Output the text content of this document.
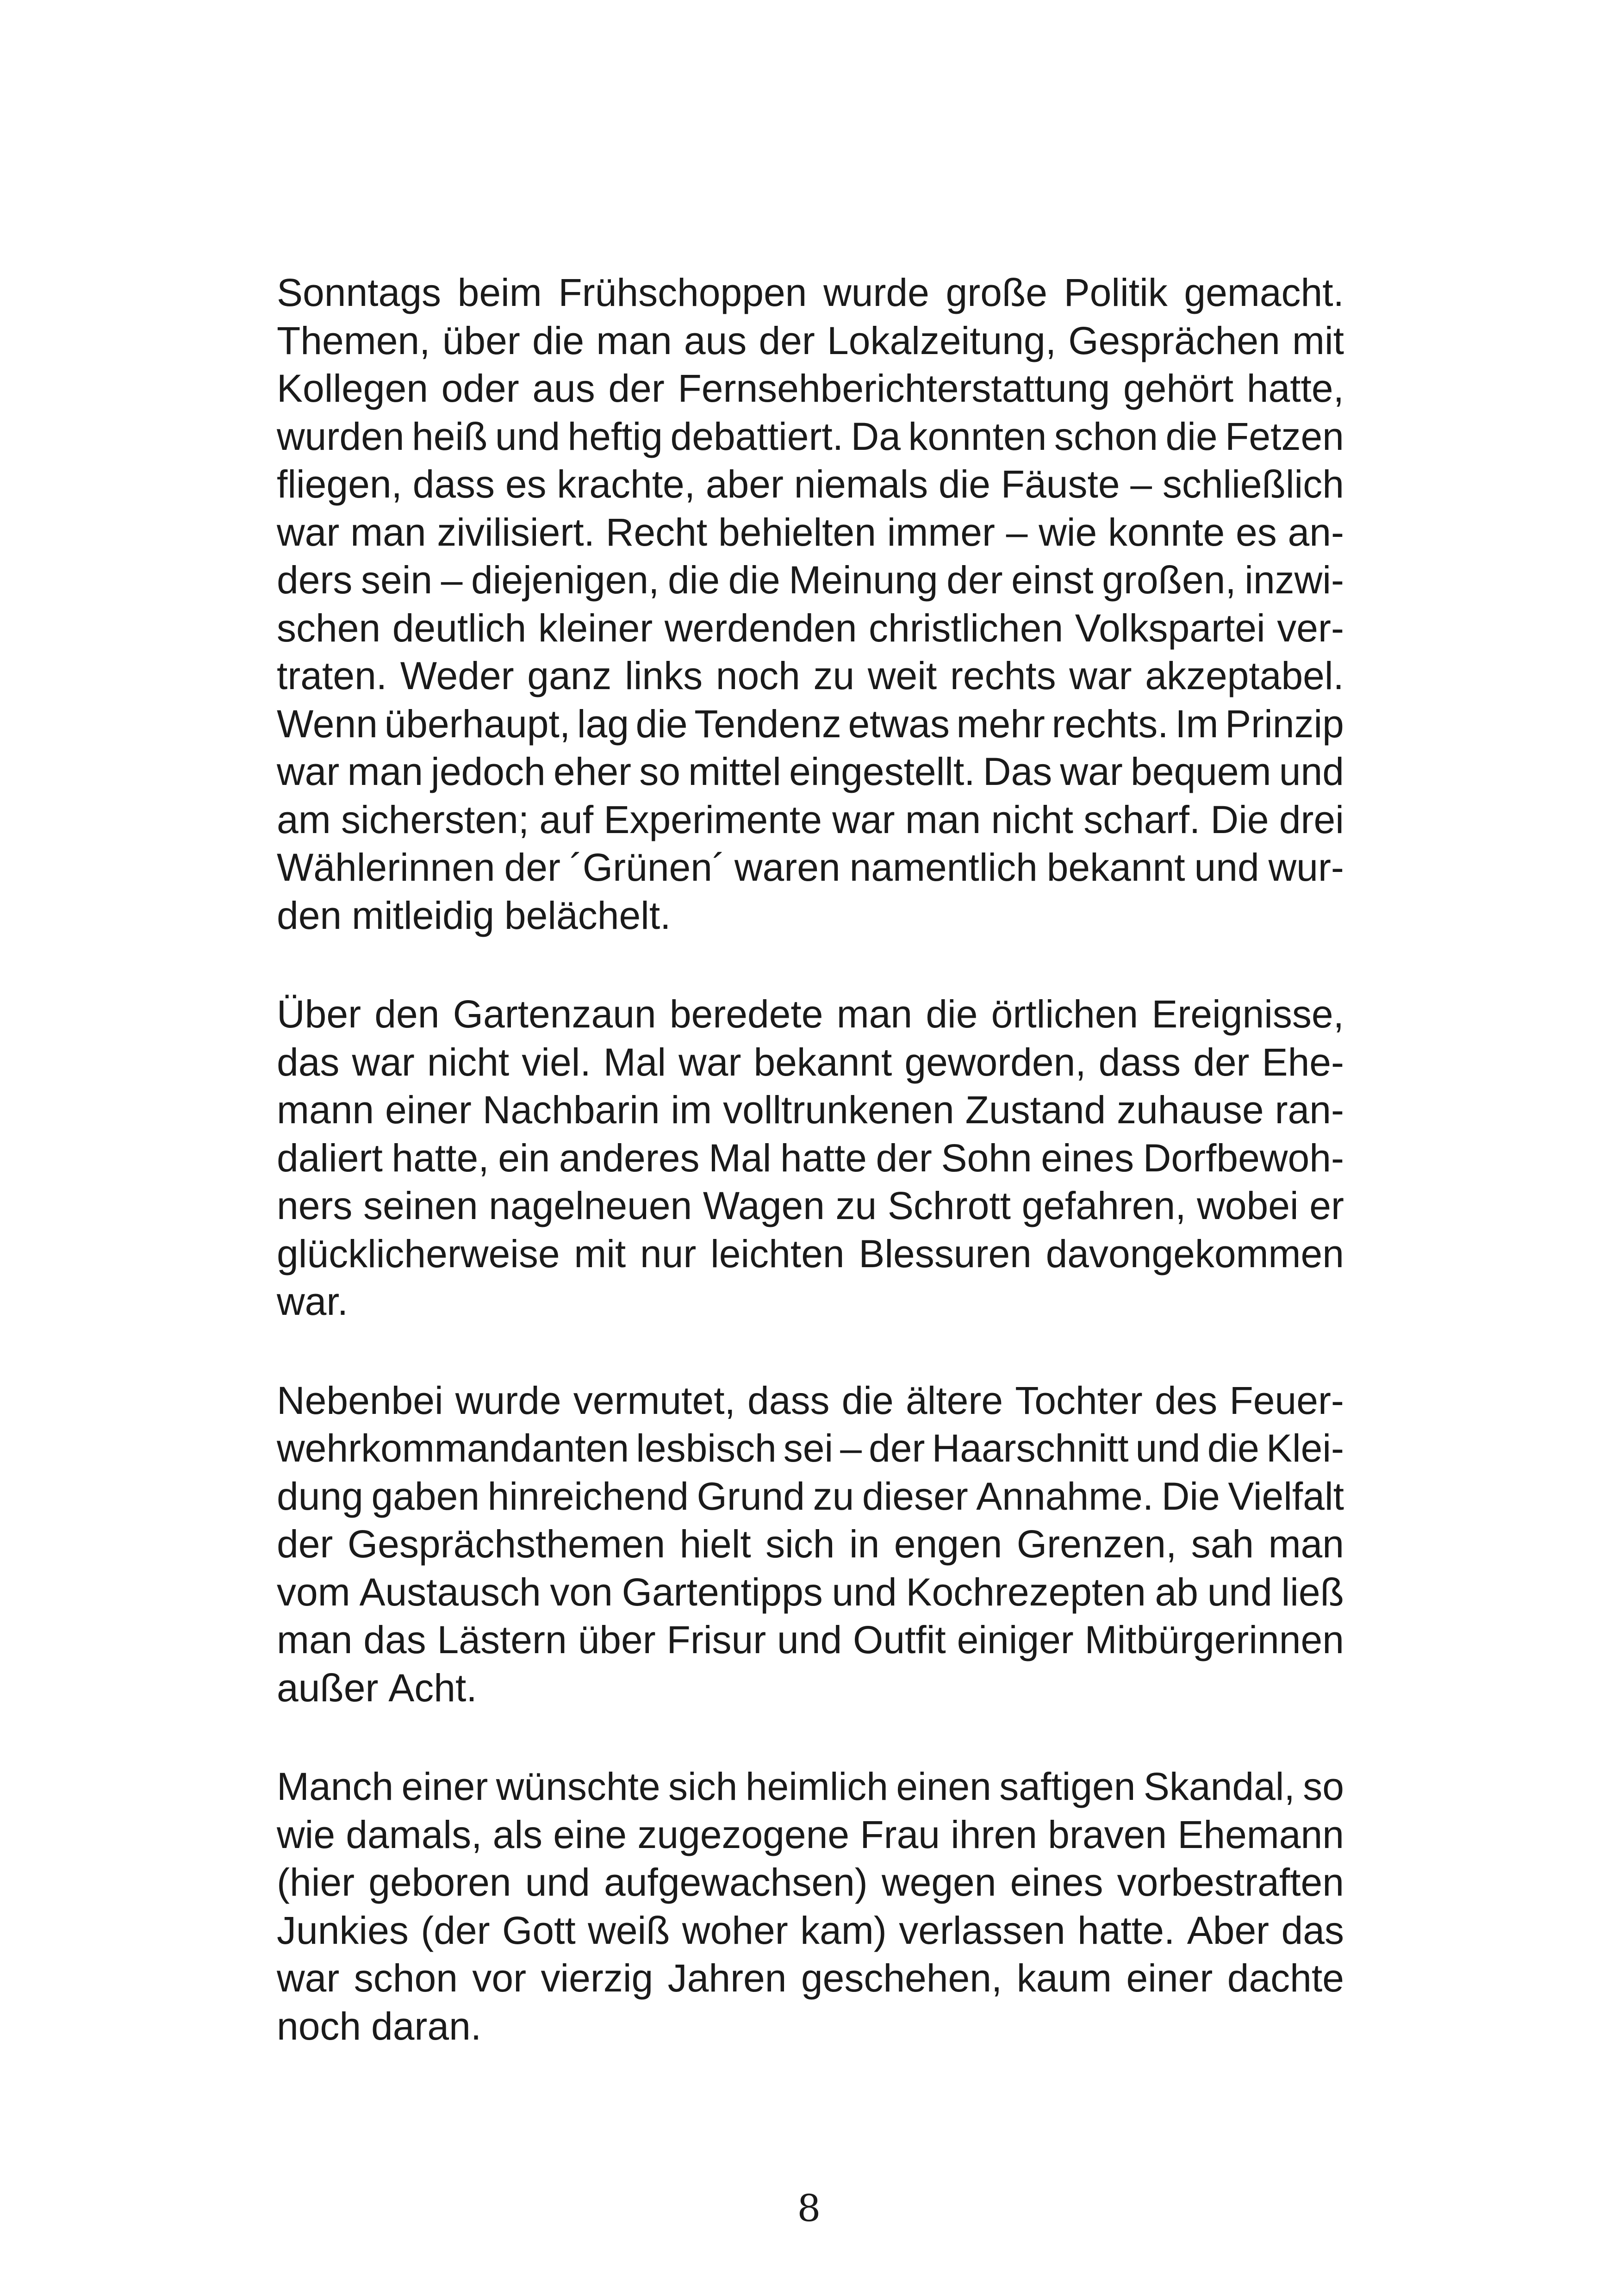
Sonntags beim Frühschoppen wurde große Politik gemacht.
Themen, über die man aus der Lokalzeitung, Gesprächen mit
Kollegen oder aus der Fernsehberichterstattung gehört hatte,
wurden heiß und heftig debattiert. Da konnten schon die Fetzen
fliegen, dass es krachte, aber niemals die Fäuste – schließlich
war man zivilisiert. Recht behielten immer – wie konnte es an-
ders sein – diejenigen, die die Meinung der einst großen, inzwi-
schen deutlich kleiner werdenden christlichen Volkspartei ver-
traten. Weder ganz links noch zu weit rechts war akzeptabel.
Wenn überhaupt, lag die Tendenz etwas mehr rechts. Im Prinzip
war man jedoch eher so mittel eingestellt. Das war bequem und
am sichersten; auf Experimente war man nicht scharf. Die drei
Wählerinnen der ´Grünen´ waren namentlich bekannt und wur-
den mitleidig belächelt.
Über den Gartenzaun beredete man die örtlichen Ereignisse,
das war nicht viel. Mal war bekannt geworden, dass der Ehe-
mann einer Nachbarin im volltrunkenen Zustand zuhause ran-
daliert hatte, ein anderes Mal hatte der Sohn eines Dorfbewoh-
ners seinen nagelneuen Wagen zu Schrott gefahren, wobei er
glücklicherweise mit nur leichten Blessuren davongekommen
war.
Nebenbei wurde vermutet, dass die ältere Tochter des Feuer-
wehrkommandanten lesbisch sei – der Haarschnitt und die Klei-
dung gaben hinreichend Grund zu dieser Annahme. Die Vielfalt
der Gesprächsthemen hielt sich in engen Grenzen, sah man
vom Austausch von Gartentipps und Kochrezepten ab und ließ
man das Lästern über Frisur und Outfit einiger Mitbürgerinnen
außer Acht.
Manch einer wünschte sich heimlich einen saftigen Skandal, so
wie damals, als eine zugezogene Frau ihren braven Ehemann
(hier geboren und aufgewachsen) wegen eines vorbestraften
Junkies (der Gott weiß woher kam) verlassen hatte. Aber das
war schon vor vierzig Jahren geschehen, kaum einer dachte
noch daran.
8
